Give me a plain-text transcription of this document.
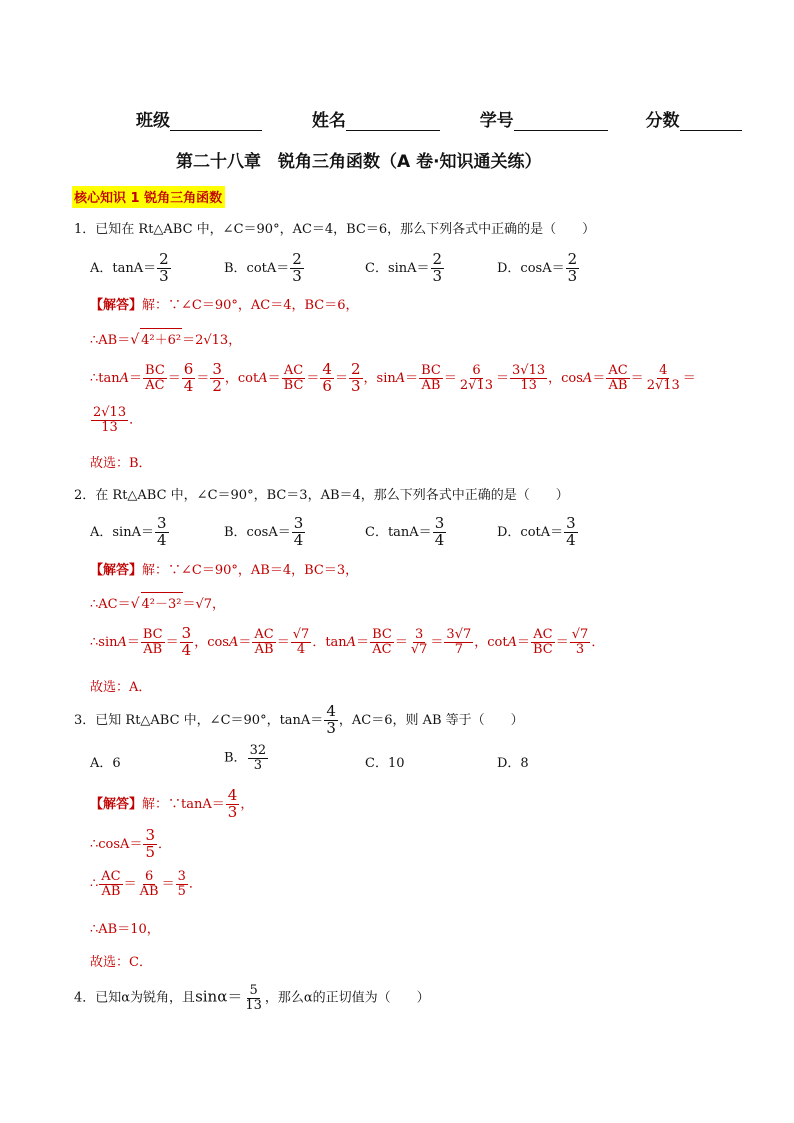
班级	姓名	学号	分数
第二十八章　锐角三角函数（A 卷·知识通关练）
核心知识 1 锐角三角函数
1．已知在 Rt△ABC 中，∠C＝90°，AC＝4，BC＝6，那么下列各式中正确的是（　　）
A．$\tan A= \frac{2}{3}$	B．$\cot A= \frac{2}{3}$	C．$\sin A= \frac{2}{3}$	D．$\cos A= \frac{2}{3}$
【解答】解：∵∠C＝90°，AC＝4，BC＝6，
∴AB＝√ 4²＋6²＝2√13，
∴tanA＝ $\frac{BC}{AC} = \frac{6}{4} = \frac{3}{2}$ ，$\cot A= \frac{AC}{BC} = \frac{4}{6} = \frac{2}{3}$ ，$\sin A= \frac{BC}{AB} = \frac{6}{2√13} = \frac{3√13}{13}$ ，$\cos A= \frac{AC}{AB} = \frac{4}{2√13}$ ＝
$\frac{2√13}{13}$ ．
故选：B．
2．在 Rt△ABC 中，∠C＝90°，BC＝3，AB＝4，那么下列各式中正确的是（　　）
A．$\sin A= \frac{3}{4}$	B．$\cos A= \frac{3}{4}$	C．$\tan A= \frac{3}{4}$	D．$\cot A= \frac{3}{4}$
【解答】解：∵∠C＝90°，AB＝4，BC＝3，
∴AC＝√ 4²－3²＝√7，
∴sinA＝ $\frac{BC}{AB} = \frac{3}{4}$ ，$\cos A= \frac{AC}{AB} = \frac{√7}{4}$ ．$\tan A= \frac{BC}{AC} = \frac{3}{√7} = \frac{3√7}{7}$ ，$\cot A= \frac{AC}{BC} = \frac{√7}{3}$ ．
故选：A．
3．已知 Rt△ABC 中，∠C＝90°，$\tan A= \frac{4}{3}$ ，AC＝6，则 AB 等于（　　）
A．6	B． $\frac{32}{3}$	C．10	D．8
【解答】解：∵tanA＝ $\frac{4}{3}$ ，
∴cosA＝ $\frac{3}{5}$ ．
∴ $\frac{AC}{AB} = \frac{6}{AB} = \frac{3}{5}$ ．
∴AB＝10，
故选：C．
4．已知α为锐角，且$\sin\alpha= \frac{5}{13}$ ，那么α的正切值为（　　）
